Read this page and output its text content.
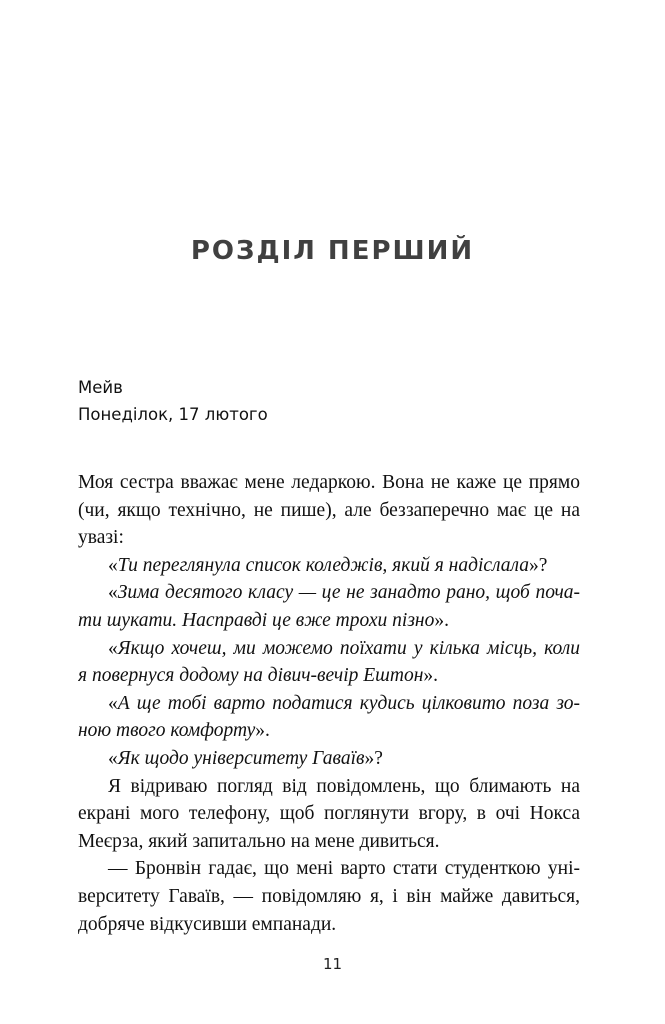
РОЗДІЛ ПЕРШИЙ
Мейв
Понеділок, 17 лютого
Моя сестра вважає мене ледаркою. Вона не каже це прямо
(чи, якщо технічно, не пише), але беззаперечно має це на
увазі:
«Ти переглянула список коледжів, який я надіслала»?
«Зима десятого класу — це не занадто рано, щоб поча-
ти шукати. Насправді це вже трохи пізно».
«Якщо хочеш, ми можемо поїхати у кілька місць, коли
я повернуся додому на дівич-вечір Ештон».
«А ще тобі варто податися кудись цілковито поза зо-
ною твого комфорту».
«Як щодо університету Гаваїв»?
Я відриваю погляд від повідомлень, що блимають на
екрані мого телефону, щоб поглянути вгору, в очі Нокса
Меєрза, який запитально на мене дивиться.
— Бронвін гадає, що мені варто стати студенткою уні-
верситету Гаваїв, — повідомляю я, і він майже давиться,
добряче відкусивши емпанади.
11
